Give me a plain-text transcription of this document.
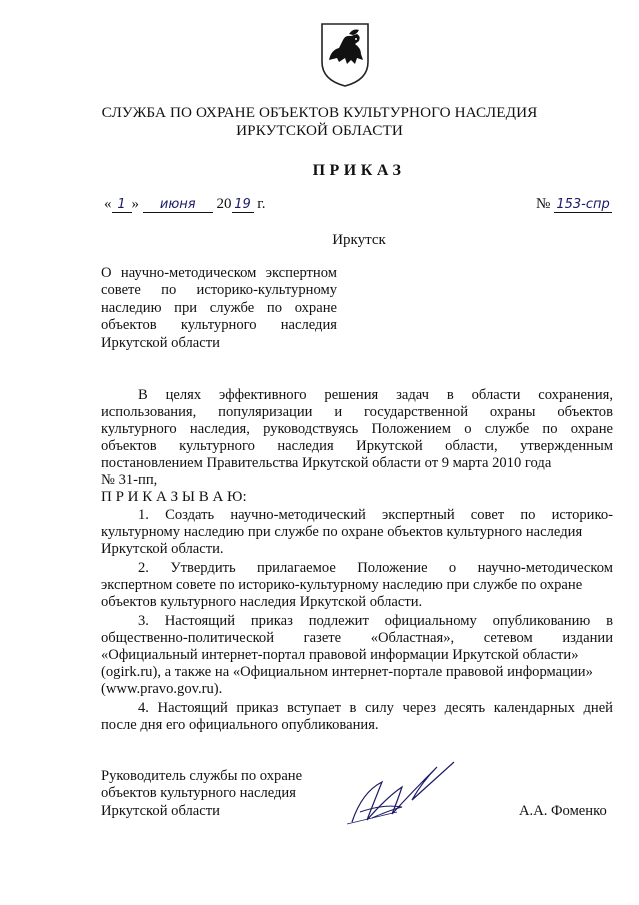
СЛУЖБА ПО ОХРАНЕ ОБЪЕКТОВ КУЛЬТУРНОГО НАСЛЕДИЯ
ИРКУТСКОЙ ОБЛАСТИ
ПРИКАЗ
« 1 » июня 20 19 г.	№ 153-спр
Иркутск
О научно-методическом экспертном
совете по историко-культурному
наследию при службе по охране
объектов культурного наследия
Иркутской области
В целях эффективного решения задач в области сохранения,
использования, популяризации и государственной охраны объектов
культурного наследия, руководствуясь Положением о службе по охране
объектов культурного наследия Иркутской области, утвержденным
постановлением Правительства Иркутской области от 9 марта 2010 года
№ 31-пп,
П Р И К А З Ы В А Ю:
1. Создать научно-методический экспертный совет по историко-
культурному наследию при службе по охране объектов культурного наследия
Иркутской области.
2. Утвердить прилагаемое Положение о научно-методическом
экспертном совете по историко-культурному наследию при службе по охране
объектов культурного наследия Иркутской области.
3. Настоящий приказ подлежит официальному опубликованию в
общественно-политической газете «Областная», сетевом издании
«Официальный интернет-портал правовой информации Иркутской области»
(ogirk.ru), а также на «Официальном интернет-портале правовой информации»
(www.pravo.gov.ru).
4. Настоящий приказ вступает в силу через десять календарных дней
после дня его официального опубликования.
Руководитель службы по охране
объектов культурного наследия
Иркутской области	А.А. Фоменко
